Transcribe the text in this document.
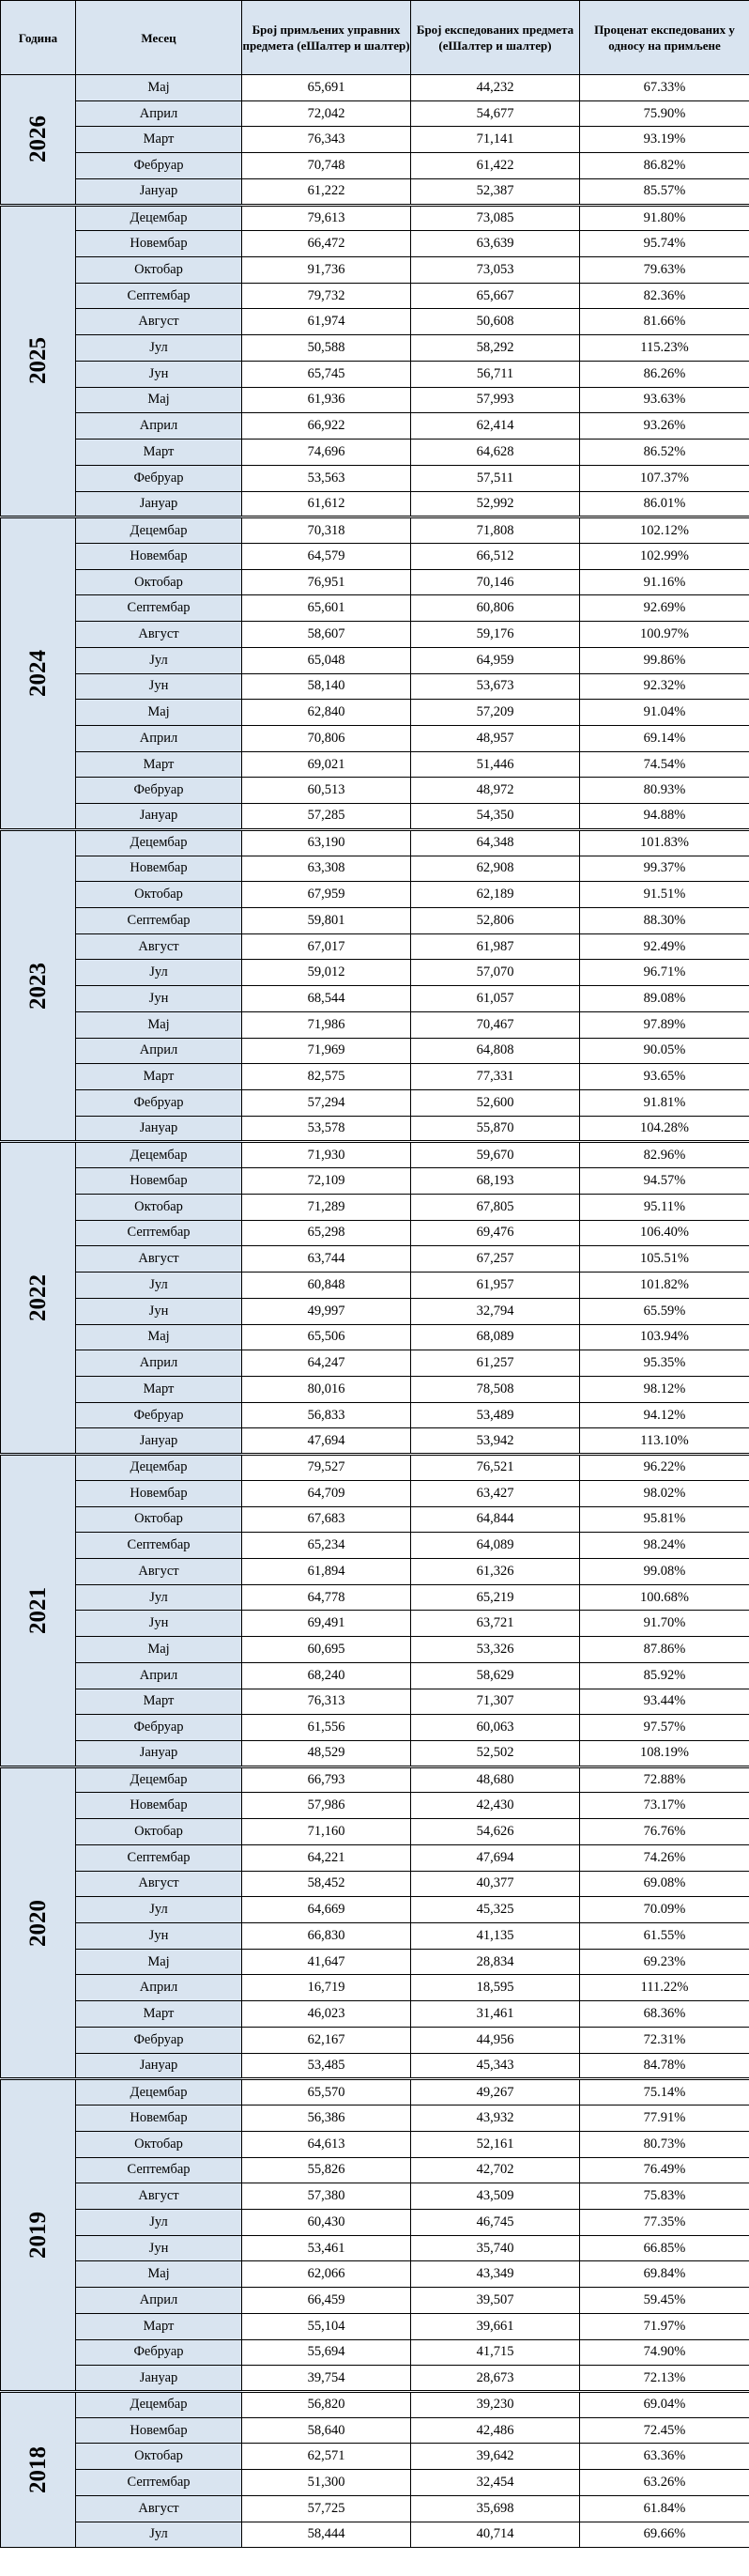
Година	Месец	Број примљених управних предмета (еШалтер и шалтер)	Број експедованих предмета (еШалтер и шалтер)	Проценат експедованих у односу на примљене
2026	Мај	65,691	44,232	67.33%
	Април	72,042	54,677	75.90%
	Март	76,343	71,141	93.19%
	Фебруар	70,748	61,422	86.82%
	Јануар	61,222	52,387	85.57%
2025	Децембар	79,613	73,085	91.80%
	Новембар	66,472	63,639	95.74%
	Октобар	91,736	73,053	79.63%
	Септембар	79,732	65,667	82.36%
	Август	61,974	50,608	81.66%
	Јул	50,588	58,292	115.23%
	Јун	65,745	56,711	86.26%
	Мај	61,936	57,993	93.63%
	Април	66,922	62,414	93.26%
	Март	74,696	64,628	86.52%
	Фебруар	53,563	57,511	107.37%
	Јануар	61,612	52,992	86.01%
2024	Децембар	70,318	71,808	102.12%
	Новембар	64,579	66,512	102.99%
	Октобар	76,951	70,146	91.16%
	Септембар	65,601	60,806	92.69%
	Август	58,607	59,176	100.97%
	Јул	65,048	64,959	99.86%
	Јун	58,140	53,673	92.32%
	Мај	62,840	57,209	91.04%
	Април	70,806	48,957	69.14%
	Март	69,021	51,446	74.54%
	Фебруар	60,513	48,972	80.93%
	Јануар	57,285	54,350	94.88%
2023	Децембар	63,190	64,348	101.83%
	Новембар	63,308	62,908	99.37%
	Октобар	67,959	62,189	91.51%
	Септембар	59,801	52,806	88.30%
	Август	67,017	61,987	92.49%
	Јул	59,012	57,070	96.71%
	Јун	68,544	61,057	89.08%
	Мај	71,986	70,467	97.89%
	Април	71,969	64,808	90.05%
	Март	82,575	77,331	93.65%
	Фебруар	57,294	52,600	91.81%
	Јануар	53,578	55,870	104.28%
2022	Децембар	71,930	59,670	82.96%
	Новембар	72,109	68,193	94.57%
	Октобар	71,289	67,805	95.11%
	Септембар	65,298	69,476	106.40%
	Август	63,744	67,257	105.51%
	Јул	60,848	61,957	101.82%
	Јун	49,997	32,794	65.59%
	Мај	65,506	68,089	103.94%
	Април	64,247	61,257	95.35%
	Март	80,016	78,508	98.12%
	Фебруар	56,833	53,489	94.12%
	Јануар	47,694	53,942	113.10%
2021	Децембар	79,527	76,521	96.22%
	Новембар	64,709	63,427	98.02%
	Октобар	67,683	64,844	95.81%
	Септембар	65,234	64,089	98.24%
	Август	61,894	61,326	99.08%
	Јул	64,778	65,219	100.68%
	Јун	69,491	63,721	91.70%
	Мај	60,695	53,326	87.86%
	Април	68,240	58,629	85.92%
	Март	76,313	71,307	93.44%
	Фебруар	61,556	60,063	97.57%
	Јануар	48,529	52,502	108.19%
2020	Децембар	66,793	48,680	72.88%
	Новембар	57,986	42,430	73.17%
	Октобар	71,160	54,626	76.76%
	Септембар	64,221	47,694	74.26%
	Август	58,452	40,377	69.08%
	Јул	64,669	45,325	70.09%
	Јун	66,830	41,135	61.55%
	Мај	41,647	28,834	69.23%
	Април	16,719	18,595	111.22%
	Март	46,023	31,461	68.36%
	Фебруар	62,167	44,956	72.31%
	Јануар	53,485	45,343	84.78%
2019	Децембар	65,570	49,267	75.14%
	Новембар	56,386	43,932	77.91%
	Октобар	64,613	52,161	80.73%
	Септембар	55,826	42,702	76.49%
	Август	57,380	43,509	75.83%
	Јул	60,430	46,745	77.35%
	Јун	53,461	35,740	66.85%
	Мај	62,066	43,349	69.84%
	Април	66,459	39,507	59.45%
	Март	55,104	39,661	71.97%
	Фебруар	55,694	41,715	74.90%
	Јануар	39,754	28,673	72.13%
2018	Децембар	56,820	39,230	69.04%
	Новембар	58,640	42,486	72.45%
	Октобар	62,571	39,642	63.36%
	Септембар	51,300	32,454	63.26%
	Август	57,725	35,698	61.84%
	Јул	58,444	40,714	69.66%
